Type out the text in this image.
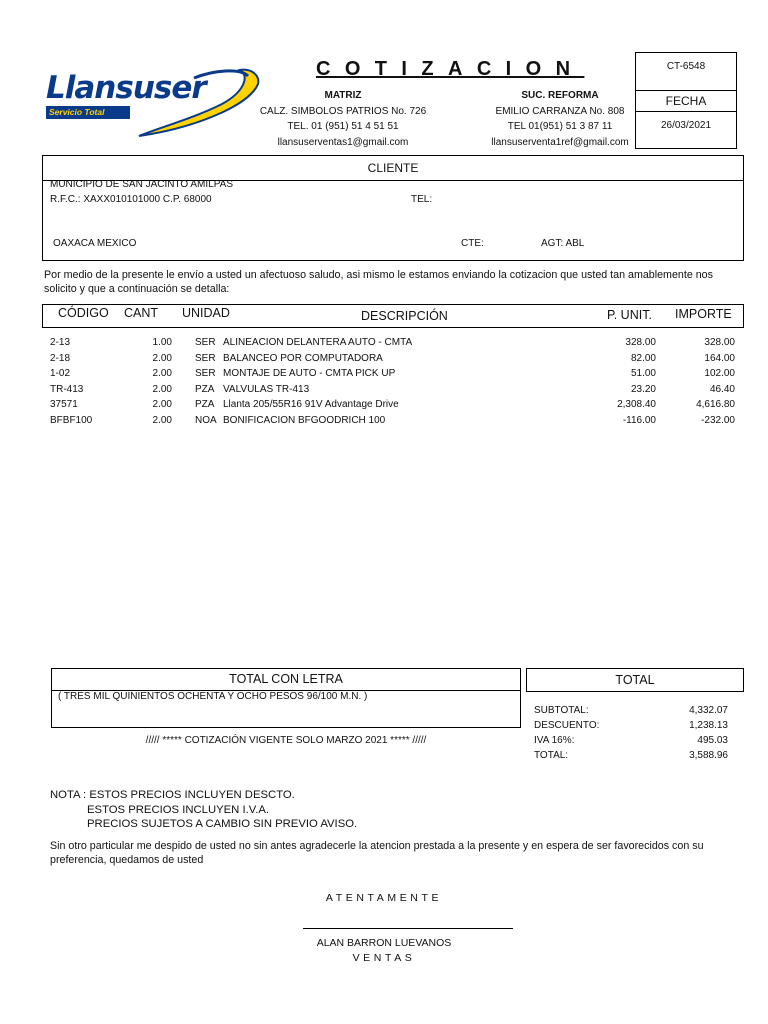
Llansuser
Servicio Total
COTIZACION
MATRIZ
CALZ. SIMBOLOS PATRIOS No. 726
TEL. 01 (951) 51 4 51 51
llansuserventas1@gmail.com
SUC. REFORMA
EMILIO CARRANZA No. 808
TEL 01(951) 51 3 87 11
llansuserventa1ref@gmail.com
CT-6548
FECHA
26/03/2021
CLIENTE
MUNICIPIO DE SAN JACINTO AMILPAS
R.F.C.: XAXX010101000 C.P. 68000	TEL:
OAXACA MEXICO	CTE:	AGT: ABL
Por medio de la presente le envío a usted un afectuoso saludo, asi mismo le estamos enviando la cotizacion que usted tan amablemente nos solicito y que a continuación se detalla:
CÓDIGO CANT UNIDAD	DESCRIPCIÓN	P. UNIT. IMPORTE
2-13	1.00 SER ALINEACION DELANTERA AUTO - CMTA	328.00	328.00
2-18	2.00 SER BALANCEO POR COMPUTADORA	82.00	164.00
1-02	2.00 SER MONTAJE DE AUTO - CMTA PICK UP	51.00	102.00
TR-413	2.00 PZA VALVULAS TR-413	23.20	46.40
37571	2.00 PZA Llanta 205/55R16 91V Advantage Drive	2,308.40	4,616.80
BFBF100	2.00 NOA BONIFICACION BFGOODRICH 100	-116.00	-232.00
TOTAL CON LETRA
( TRES MIL QUINIENTOS OCHENTA Y OCHO PESOS 96/100 M.N. )
///// ***** COTIZACIÓN VIGENTE SOLO MARZO 2021 ***** /////
TOTAL
SUBTOTAL:	4,332.07
DESCUENTO:	1,238.13
IVA 16%:	495.03
TOTAL:	3,588.96
NOTA : ESTOS PRECIOS INCLUYEN DESCTO.
ESTOS PRECIOS INCLUYEN I.V.A.
PRECIOS SUJETOS A CAMBIO SIN PREVIO AVISO.
Sin otro particular me despido de usted no sin antes agradecerle la atencion prestada a la presente y en espera de ser favorecidos con su preferencia, quedamos de usted
ATENTAMENTE
ALAN BARRON LUEVANOS
VENTAS
